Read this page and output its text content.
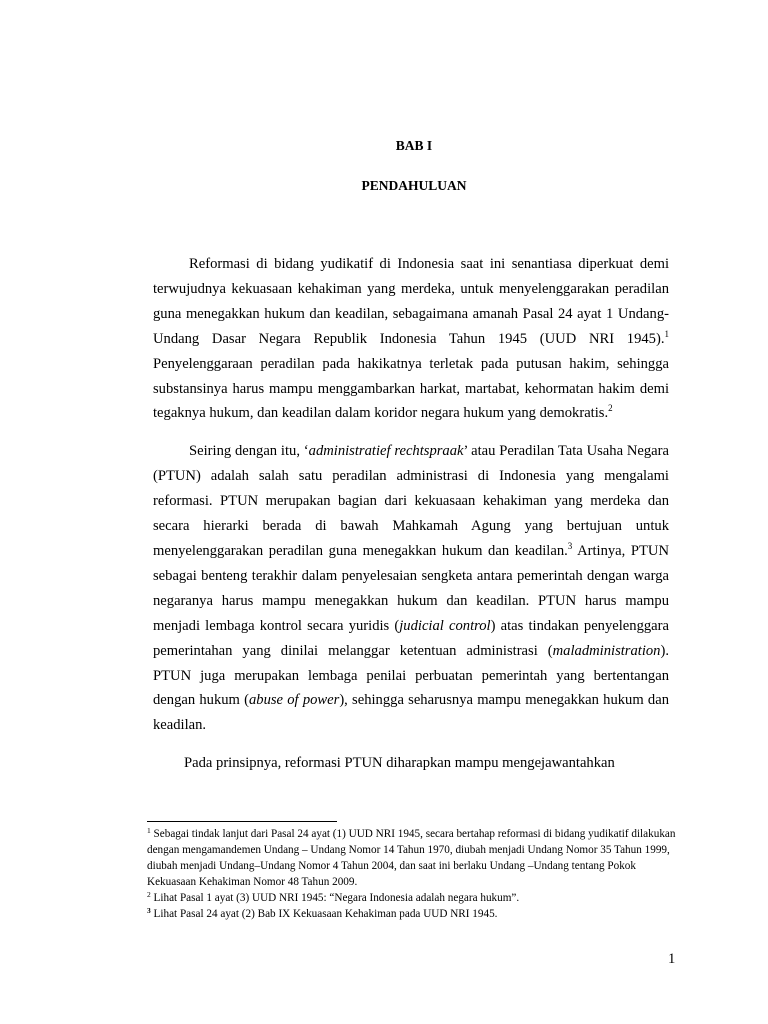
BAB I
PENDAHULUAN

Reformasi di bidang yudikatif di Indonesia saat ini senantiasa diperkuat demi terwujudnya kekuasaan kehakiman yang merdeka, untuk menyelenggarakan peradilan guna menegakkan hukum dan keadilan, sebagaimana amanah Pasal 24 ayat 1 Undang-Undang Dasar Negara Republik Indonesia Tahun 1945 (UUD NRI 1945).$^1$ Penyelenggaraan peradilan pada hakikatnya terletak pada putusan hakim, sehingga substansinya harus mampu menggambarkan harkat, martabat, kehormatan hakim demi tegaknya hukum, dan keadilan dalam koridor negara hukum yang demokratis.$^2$

Seiring dengan itu, ‘administratief rechtspraak’ atau Peradilan Tata Usaha Negara (PTUN) adalah salah satu peradilan administrasi di Indonesia yang mengalami reformasi. PTUN merupakan bagian dari kekuasaan kehakiman yang merdeka dan secara hierarki berada di bawah Mahkamah Agung yang bertujuan untuk menyelenggarakan peradilan guna menegakkan hukum dan keadilan.$^3$ Artinya, PTUN sebagai benteng terakhir dalam penyelesaian sengketa antara pemerintah dengan warga negaranya harus mampu menegakkan hukum dan keadilan. PTUN harus mampu menjadi lembaga kontrol secara yuridis (judicial control) atas tindakan penyelenggara pemerintahan yang dinilai melanggar ketentuan administrasi (maladministration). PTUN juga merupakan lembaga penilai perbuatan pemerintah yang bertentangan dengan hukum (abuse of power), sehingga seharusnya mampu menegakkan hukum dan keadilan.

Pada prinsipnya, reformasi PTUN diharapkan mampu mengejawantahkan

$^1$ Sebagai tindak lanjut dari Pasal 24 ayat (1) UUD NRI 1945, secara bertahap reformasi di bidang yudikatif dilakukan dengan mengamandemen Undang – Undang Nomor 14 Tahun 1970, diubah menjadi Undang Nomor 35 Tahun 1999, diubah menjadi Undang–Undang Nomor 4 Tahun 2004, dan saat ini berlaku Undang –Undang tentang Pokok Kekuasaan Kehakiman Nomor 48 Tahun 2009.

$^2$ Lihat Pasal 1 ayat (3) UUD NRI 1945: “Negara Indonesia adalah negara hukum”.

$^3$ Lihat Pasal 24 ayat (2) Bab IX Kekuasaan Kehakiman pada UUD NRI 1945.

1
